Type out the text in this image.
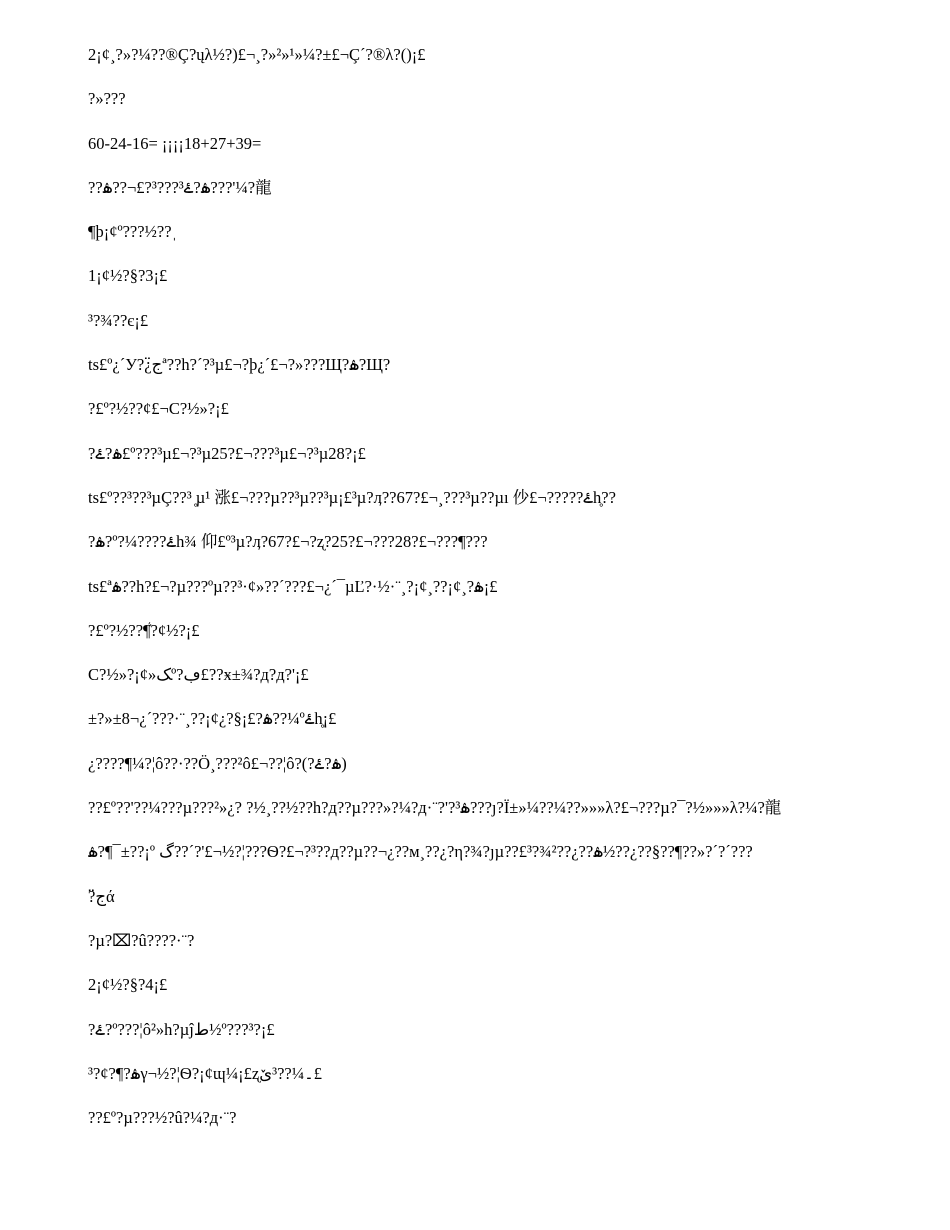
2¡¢¸?»?¼??®Ç?ųλ½?)£¬¸?»²»¹»¼?±£¬Ç´?®λ?()¡£
?»???
60-24-16= ¡¡¡¡18+27+39=
??ۿ?ۓ³???³?£¬??ۿ???'¼?龍
¶þ¡¢º???½??ˌ
1¡¢½?§?3¡£
³?¾??є¡£
ts£º¿´У?¿ج̈ª??h?´?³µ£¬?þ¿´£¬?»???Щ?ۿ?Щ?
?£º?½??¢£¬С?½»?¡£
?ۿ?ۓ£º???³µ£¬?³µ25?£¬???³µ£¬?³µ28?¡£
ts£º??³??³µÇ??³ ̥µ¹ 涨£¬???µ??³µ??³µ¡£³µ?ӆ??67?£¬¸???³µ??µı 仯£¬?????ۓh̥??
?ۿ?º?¼????ۓh¾ 仰£º³µ?ӆ?67?£¬?ʐ?25?£¬???28?£¬???¶???
ts£ªۿ??h?£¬?µ???ºµ??³·¢»??´???£¬¿´¯µĽ?·½·¨¸?¡¢¸??¡¢¸?ۿ¡£
?£º?½??ܵ¶?¢½?¡£
С?½»?¡¢»ﮏº?ڢ£??ӿ±¾?д?д?'¡£
±?»±8¬¿´???·¨¸??¡¢¿?§¡£?ۿ??¼ºۓh̥¡£
¿????¶¼?¦ô??·??Ö¸???²ô£¬??¦ô?(?ۿ?ۓ)
??£º??'??¼???µ???²»¿? ?½¸??½??h?д??µ???»?¼?д·¨?'?ۿ³???ȷ?Ï±»¼??¼??»»»λ?£¬???µ?¯?½»»»λ?¼?龍
ۿ?¶¯±??¡º گ??´?'£¬½?¦???Ѳ?£¬?³??д??µ??¬¿??м¸??¿?η?¾?ȷµ??£³?¾ۿ??¿??²½??¿??§??¶??»?´?´???
?ج̈ά
?µ?⌧?û????·¨?
2¡¢½?§?4¡£
?ۓ?º???¦ô²»h?µĵط½º???³?¡£
ۿ?¶?¢?³γ¬½?¦Ѳ?¡¢ɰ¼¡£ʐ۔¼??³ێ£
??£º?µ???½?û?¼?д·¨?
